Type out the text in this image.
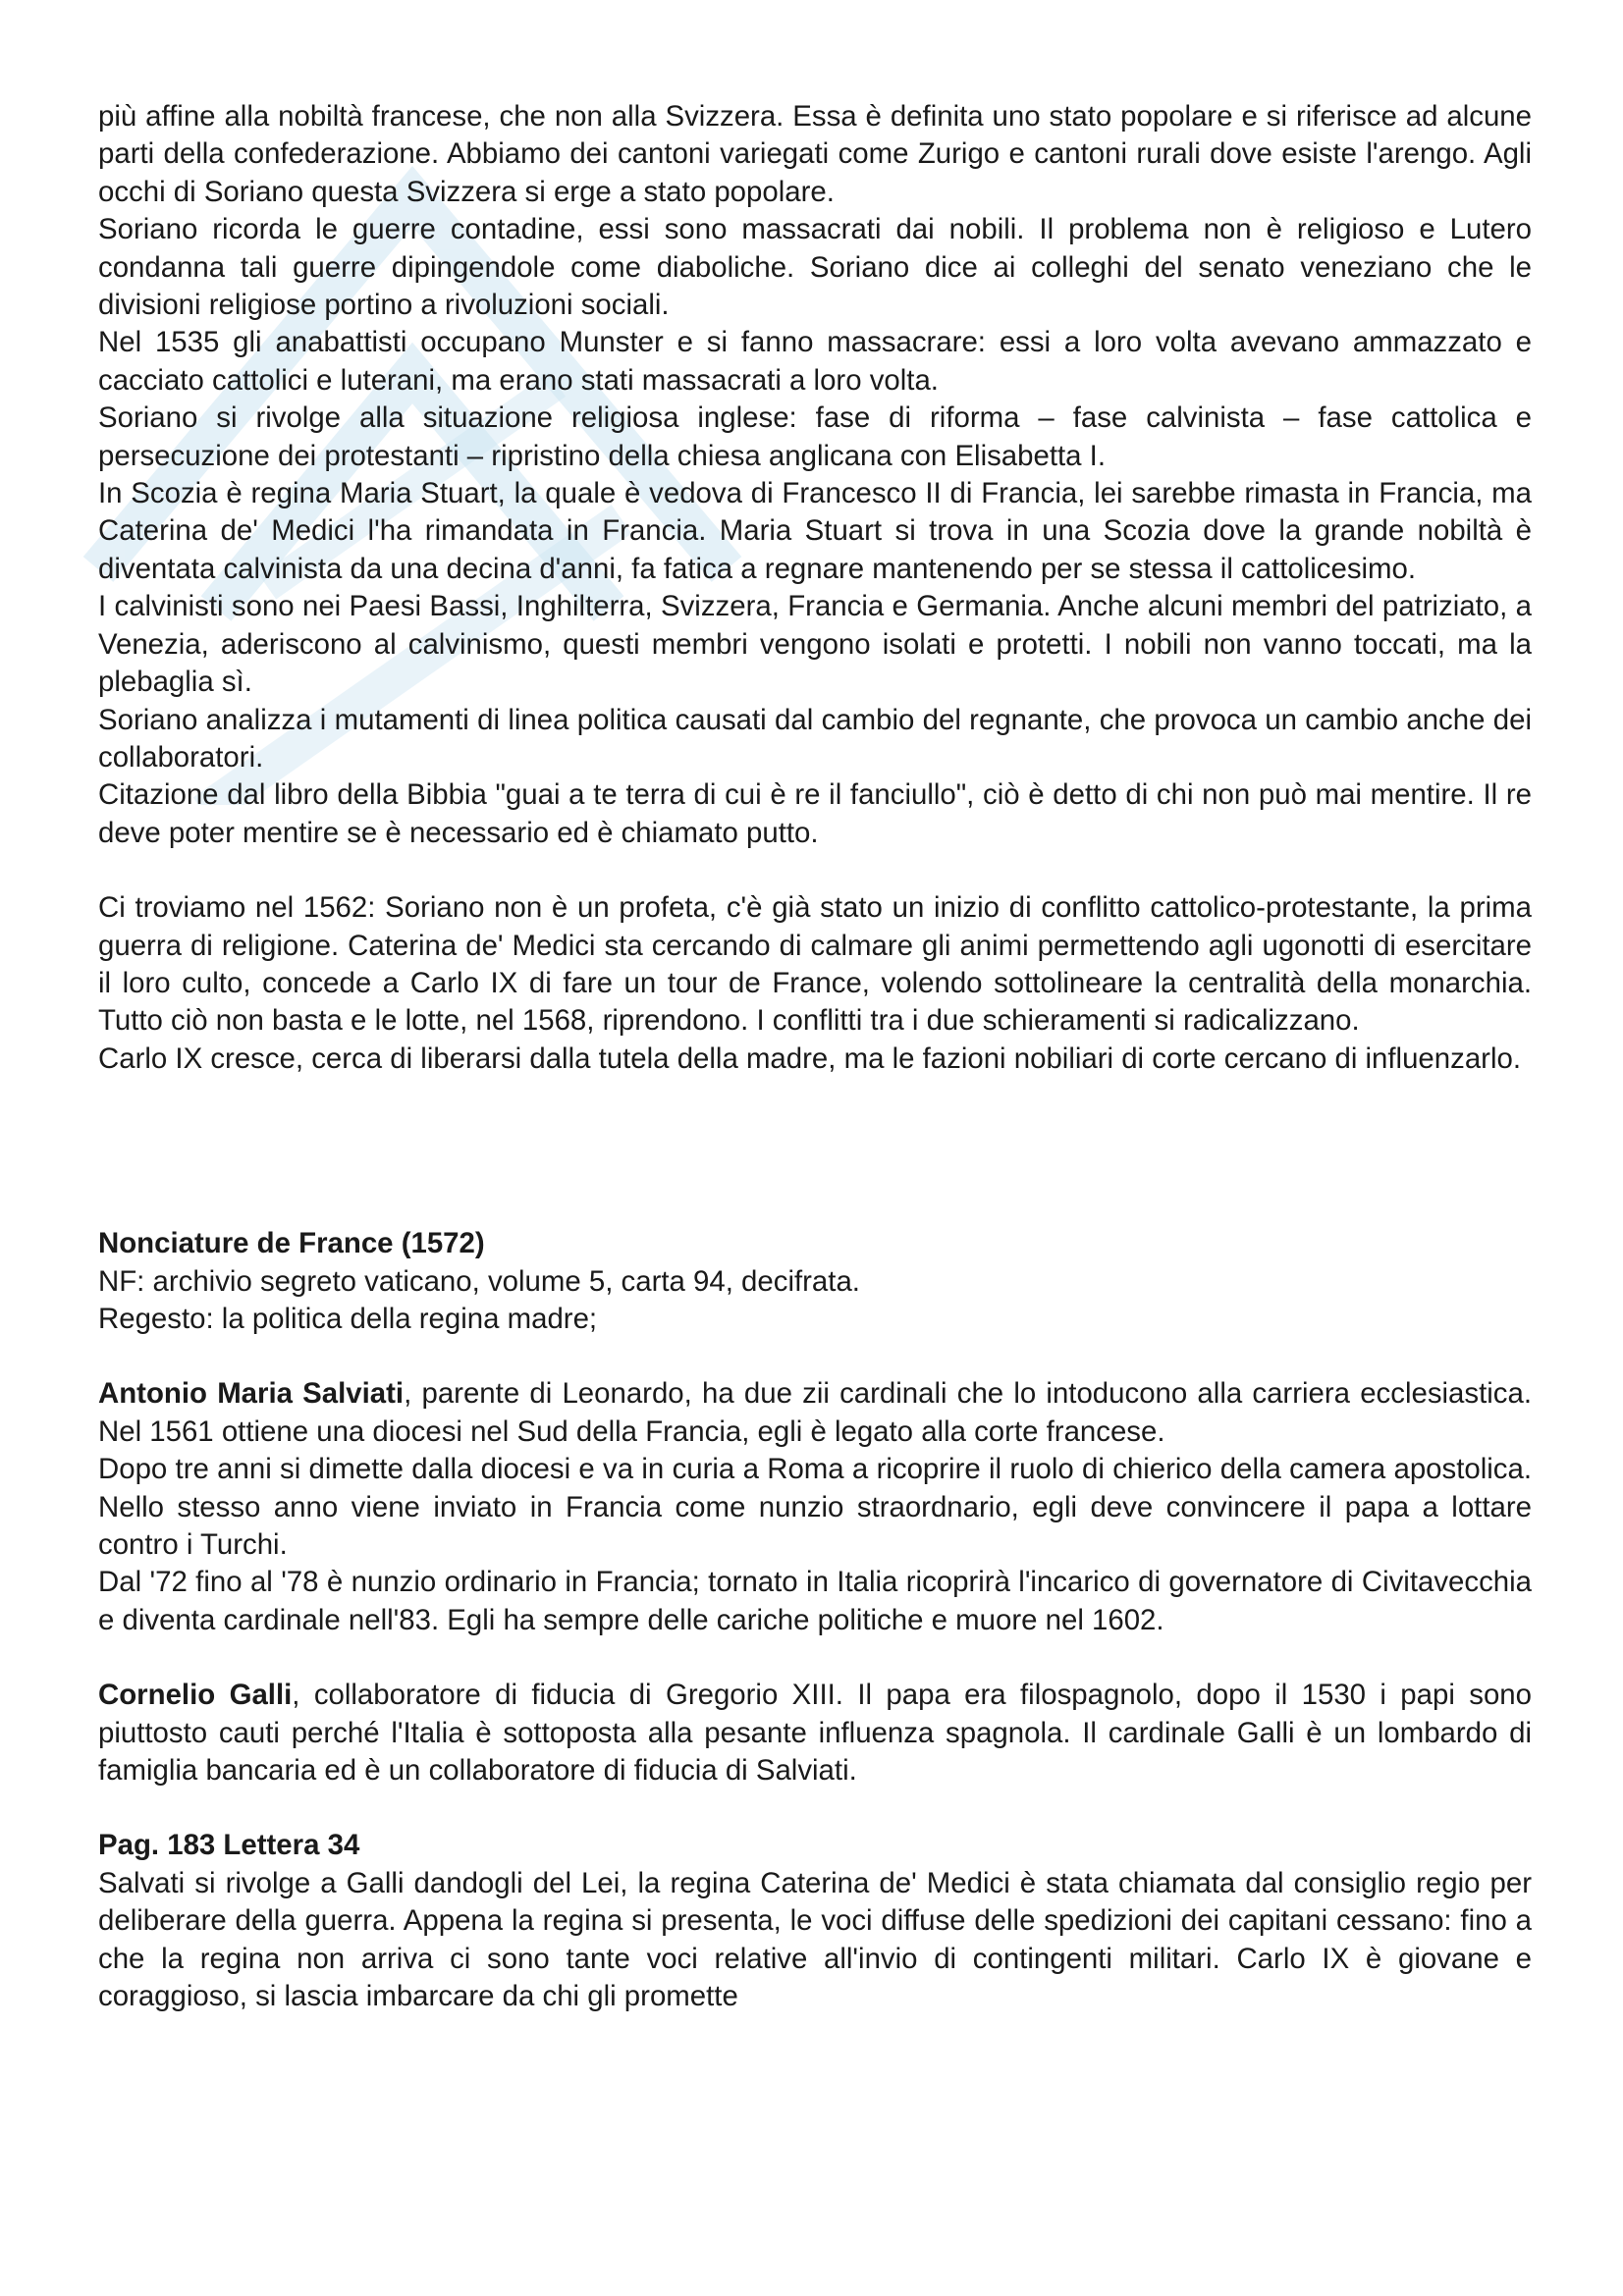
più affine alla nobiltà francese, che non alla Svizzera. Essa è definita uno stato popolare e si riferisce ad alcune parti della confederazione. Abbiamo dei cantoni variegati come Zurigo e cantoni rurali dove esiste l'arengo. Agli occhi di Soriano questa Svizzera si erge a stato popolare.

Soriano ricorda le guerre contadine, essi sono massacrati dai nobili. Il problema non è religioso e Lutero condanna tali guerre dipingendole come diaboliche. Soriano dice ai colleghi del senato veneziano che le divisioni religiose portino a rivoluzioni sociali.

Nel 1535 gli anabattisti occupano Munster e si fanno massacrare: essi a loro volta avevano ammazzato e cacciato cattolici e luterani, ma erano stati massacrati a loro volta.

Soriano si rivolge alla situazione religiosa inglese: fase di riforma – fase calvinista – fase cattolica e persecuzione dei protestanti – ripristino della chiesa anglicana con Elisabetta I.

In Scozia è regina Maria Stuart, la quale è vedova di Francesco II di Francia, lei sarebbe rimasta in Francia, ma Caterina de' Medici l'ha rimandata in Francia. Maria Stuart si trova in una Scozia dove la grande nobiltà è diventata calvinista da una decina d'anni, fa fatica a regnare mantenendo per se stessa il cattolicesimo.

I calvinisti sono nei Paesi Bassi, Inghilterra, Svizzera, Francia e Germania. Anche alcuni membri del patriziato, a Venezia, aderiscono al calvinismo, questi membri vengono isolati e protetti. I nobili non vanno toccati, ma la plebaglia sì.

Soriano analizza i mutamenti di linea politica causati dal cambio del regnante, che provoca un cambio anche dei collaboratori.

Citazione dal libro della Bibbia "guai a te terra di cui è re il fanciullo", ciò è detto di chi non può mai mentire. Il re deve poter mentire se è necessario ed è chiamato putto.

Ci troviamo nel 1562: Soriano non è un profeta, c'è già stato un inizio di conflitto cattolico-protestante, la prima guerra di religione. Caterina de' Medici sta cercando di calmare gli animi permettendo agli ugonotti di esercitare il loro culto, concede a Carlo IX di fare un tour de France, volendo sottolineare la centralità della monarchia. Tutto ciò non basta e le lotte, nel 1568, riprendono. I conflitti tra i due schieramenti si radicalizzano.

Carlo IX cresce, cerca di liberarsi dalla tutela della madre, ma le fazioni nobiliari di corte cercano di influenzarlo.

Nonciature de France (1572)

NF: archivio segreto vaticano, volume 5, carta 94, decifrata.

Regesto: la politica della regina madre;

Antonio Maria Salviati, parente di Leonardo, ha due zii cardinali che lo intoducono alla carriera ecclesiastica. Nel 1561 ottiene una diocesi nel Sud della Francia, egli è legato alla corte francese.

Dopo tre anni si dimette dalla diocesi e va in curia a Roma a ricoprire il ruolo di chierico della camera apostolica. Nello stesso anno viene inviato in Francia come nunzio straordnario, egli deve convincere il papa a lottare contro i Turchi.

Dal '72 fino al '78 è nunzio ordinario in Francia; tornato in Italia ricoprirà l'incarico di governatore di Civitavecchia e diventa cardinale nell'83. Egli ha sempre delle cariche politiche e muore nel 1602.

Cornelio Galli, collaboratore di fiducia di Gregorio XIII. Il papa era filospagnolo, dopo il 1530 i papi sono piuttosto cauti perché l'Italia è sottoposta alla pesante influenza spagnola. Il cardinale Galli è un lombardo di famiglia bancaria ed è un collaboratore di fiducia di Salviati.

Pag. 183 Lettera 34

Salvati si rivolge a Galli dandogli del Lei, la regina Caterina de' Medici è stata chiamata dal consiglio regio per deliberare della guerra. Appena la regina si presenta, le voci diffuse delle spedizioni dei capitani cessano: fino a che la regina non arriva ci sono tante voci relative all'invio di contingenti militari. Carlo IX è giovane e coraggioso, si lascia imbarcare da chi gli promette
